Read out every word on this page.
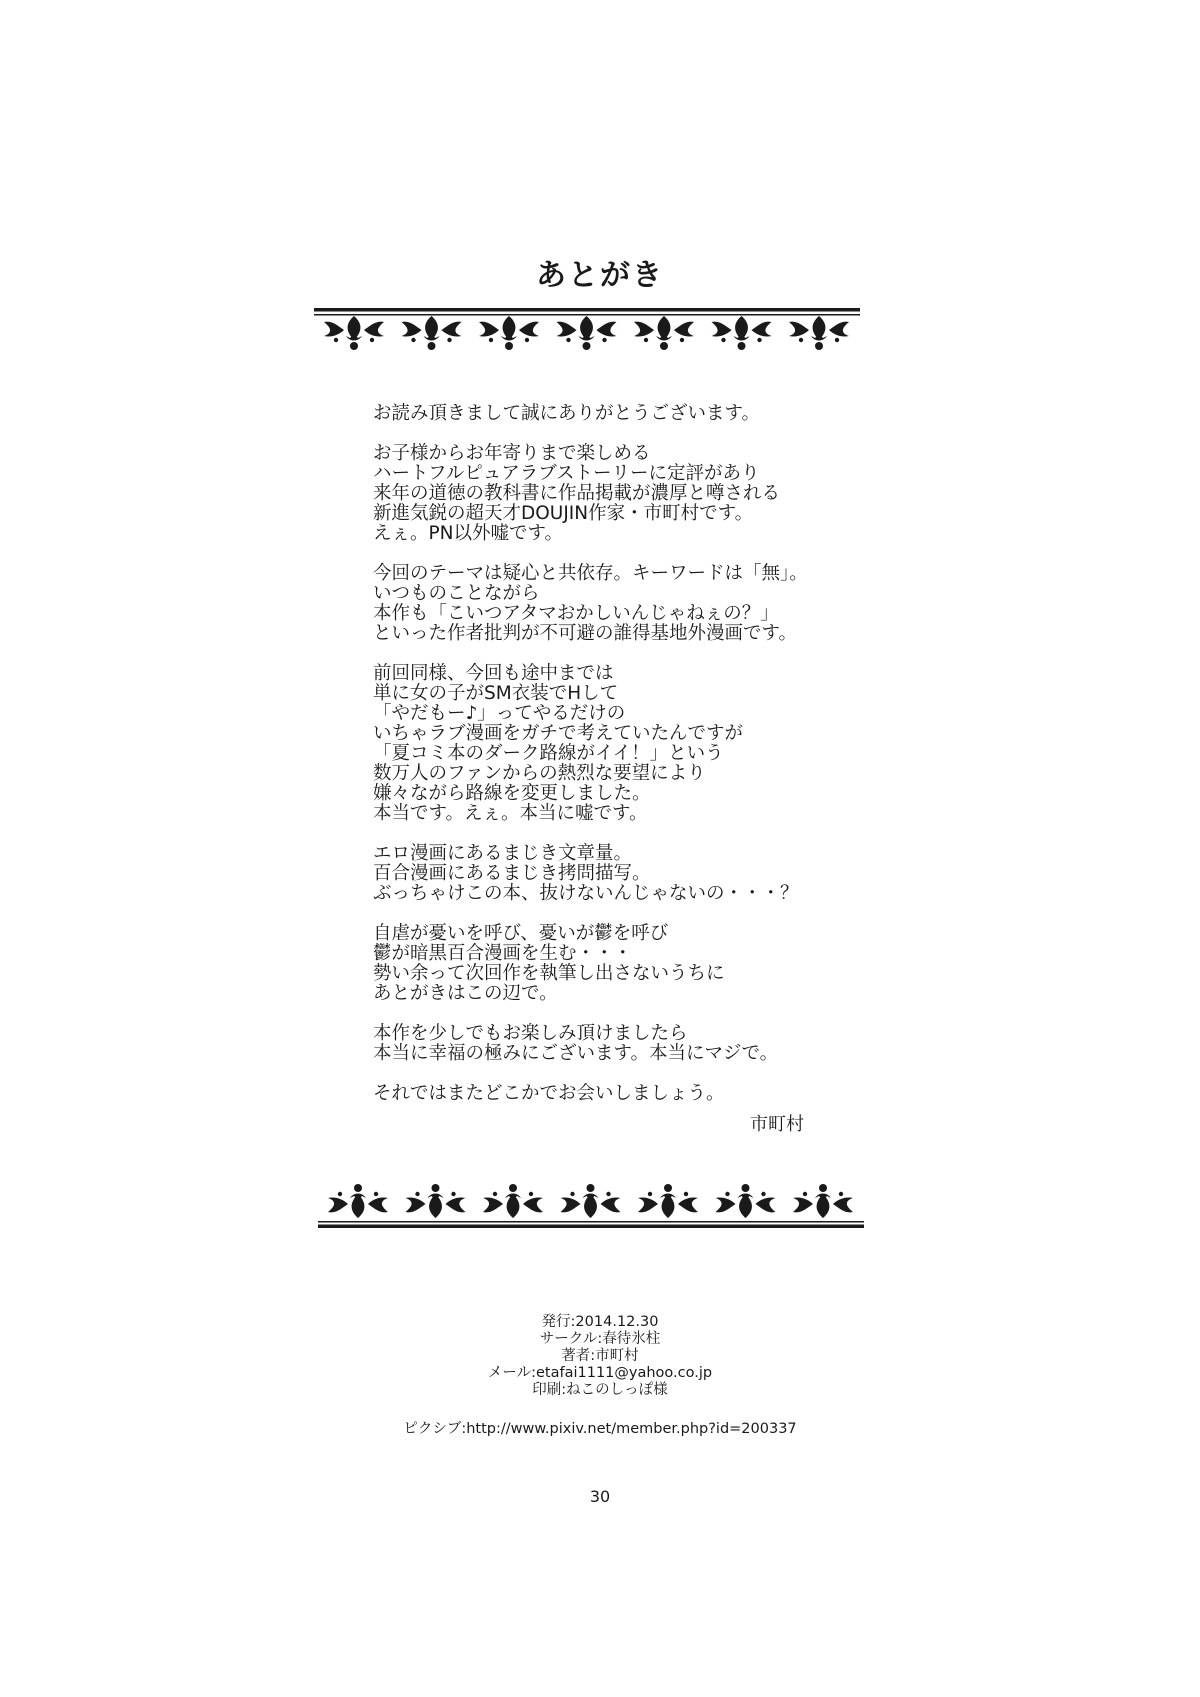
あとがき
お読み頂きまして誠にありがとうございます。
お子様からお年寄りまで楽しめる
ハートフルピュアラブストーリーに定評があり
来年の道徳の教科書に作品掲載が濃厚と噂される
新進気鋭の超天才DOUJIN作家・市町村です。
えぇ。PN以外嘘です。
今回のテーマは疑心と共依存。キーワードは「無」。
いつものことながら
本作も「こいつアタマおかしいんじゃねぇの？」
といった作者批判が不可避の誰得基地外漫画です。
前回同様、今回も途中までは
単に女の子がSM衣装でHして
「やだもー♪」ってやるだけの
いちゃラブ漫画をガチで考えていたんですが
「夏コミ本のダーク路線がイイ！」という
数万人のファンからの熱烈な要望により
嫌々ながら路線を変更しました。
本当です。えぇ。本当に嘘です。
エロ漫画にあるまじき文章量。
百合漫画にあるまじき拷問描写。
ぶっちゃけこの本、抜けないんじゃないの・・・？
自虐が憂いを呼び、憂いが鬱を呼び
鬱が暗黒百合漫画を生む・・・
勢い余って次回作を執筆し出さないうちに
あとがきはこの辺で。
本作を少しでもお楽しみ頂けましたら
本当に幸福の極みにございます。本当にマジで。
それではまたどこかでお会いしましょう。
市町村
発行:2014.12.30
サークル:春待氷柱
著者:市町村
メール:etafai1111@yahoo.co.jp
印刷:ねこのしっぽ様
ピクシブ:http://www.pixiv.net/member.php?id=200337
30
